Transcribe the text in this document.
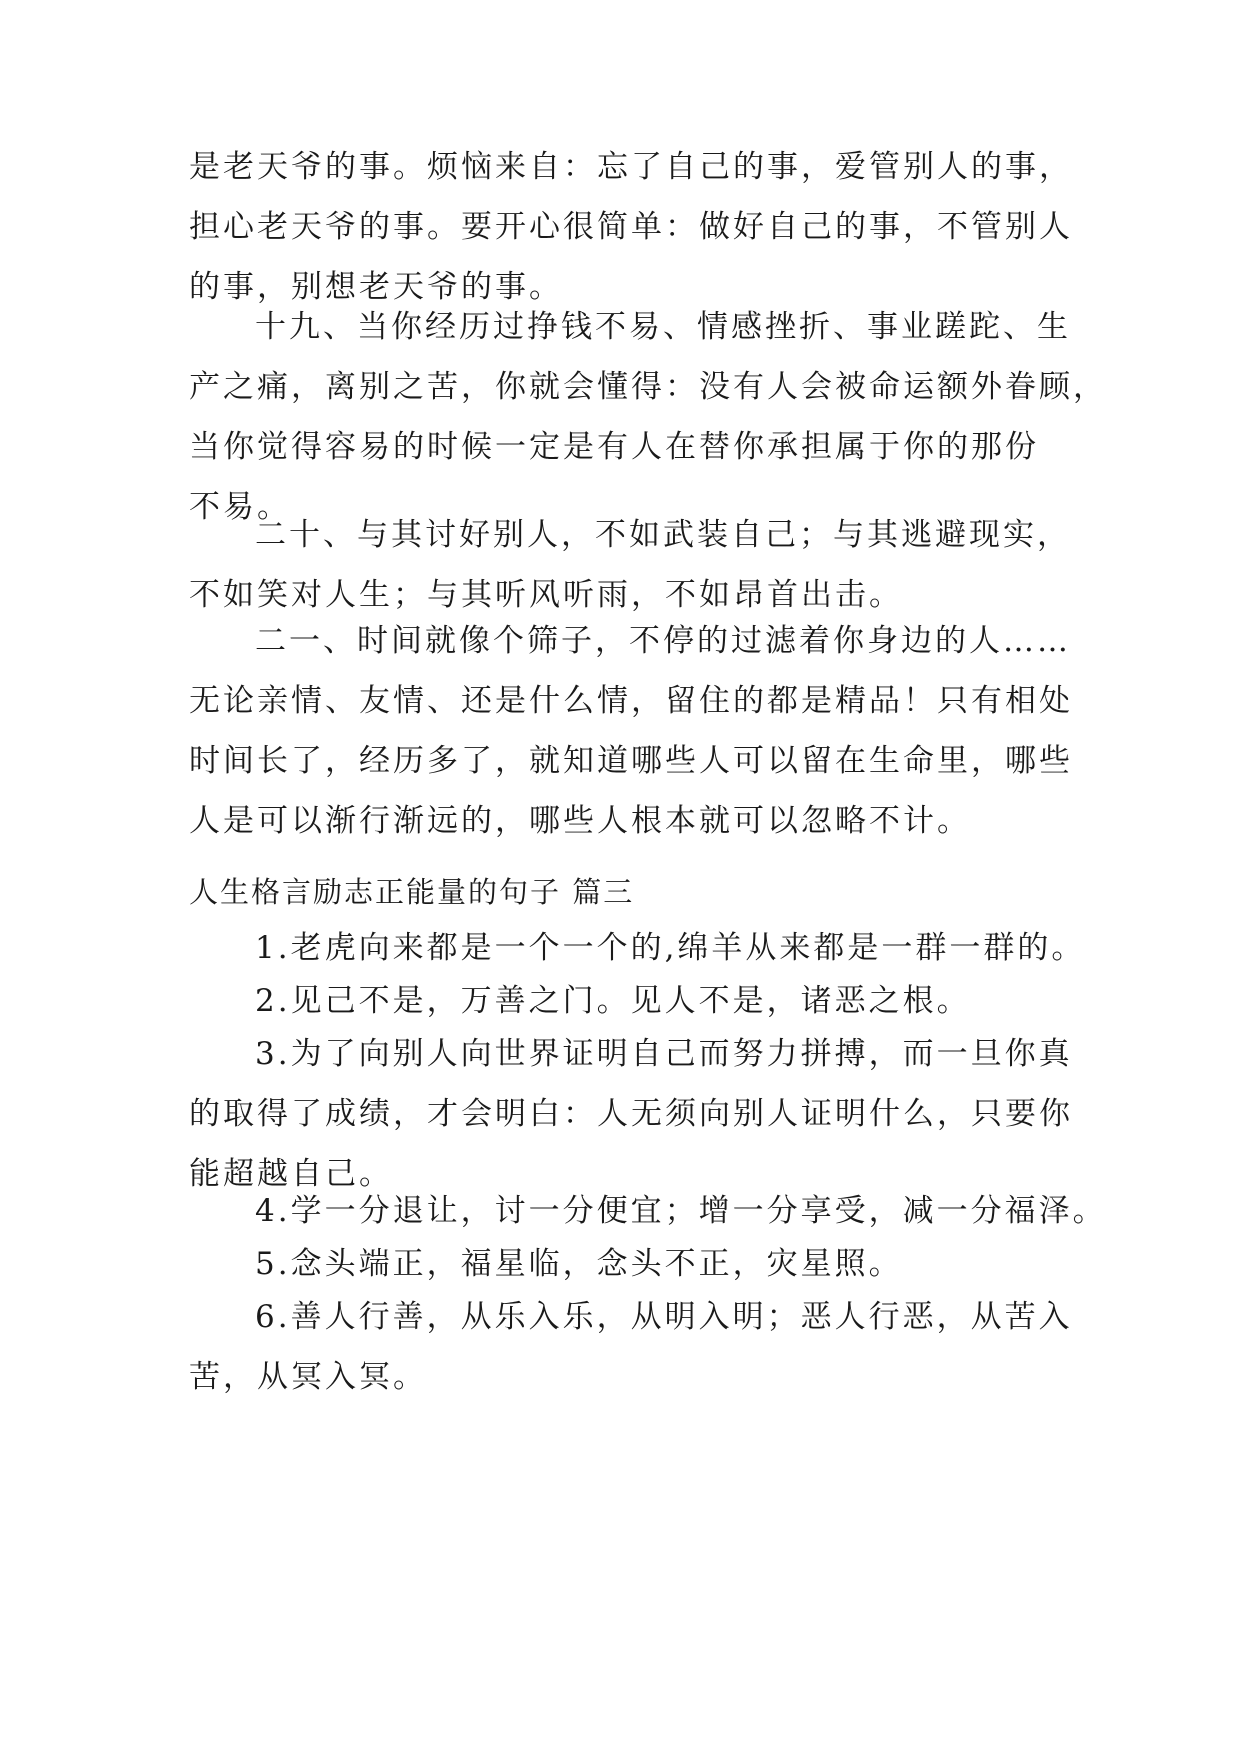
是老天爷的事。烦恼来自：忘了自己的事，爱管别人的事，
担心老天爷的事。要开心很简单：做好自己的事，不管别人
的事，别想老天爷的事。

十九、当你经历过挣钱不易、情感挫折、事业蹉跎、生
产之痛，离别之苦，你就会懂得：没有人会被命运额外眷顾，
当你觉得容易的时候一定是有人在替你承担属于你的那份
不易。

二十、与其讨好别人，不如武装自己；与其逃避现实，
不如笑对人生；与其听风听雨，不如昂首出击。

二一、时间就像个筛子，不停的过滤着你身边的人……
无论亲情、友情、还是什么情，留住的都是精品！只有相处
时间长了，经历多了，就知道哪些人可以留在生命里，哪些
人是可以渐行渐远的，哪些人根本就可以忽略不计。

人生格言励志正能量的句子 篇三

1.老虎向来都是一个一个的,绵羊从来都是一群一群的。

2.见己不是，万善之门。见人不是，诸恶之根。

3.为了向别人向世界证明自己而努力拼搏，而一旦你真
的取得了成绩，才会明白：人无须向别人证明什么，只要你
能超越自己。

4.学一分退让，讨一分便宜；增一分享受，减一分福泽。

5.念头端正，福星临，念头不正，灾星照。

6.善人行善，从乐入乐，从明入明；恶人行恶，从苦入
苦，从冥入冥。
